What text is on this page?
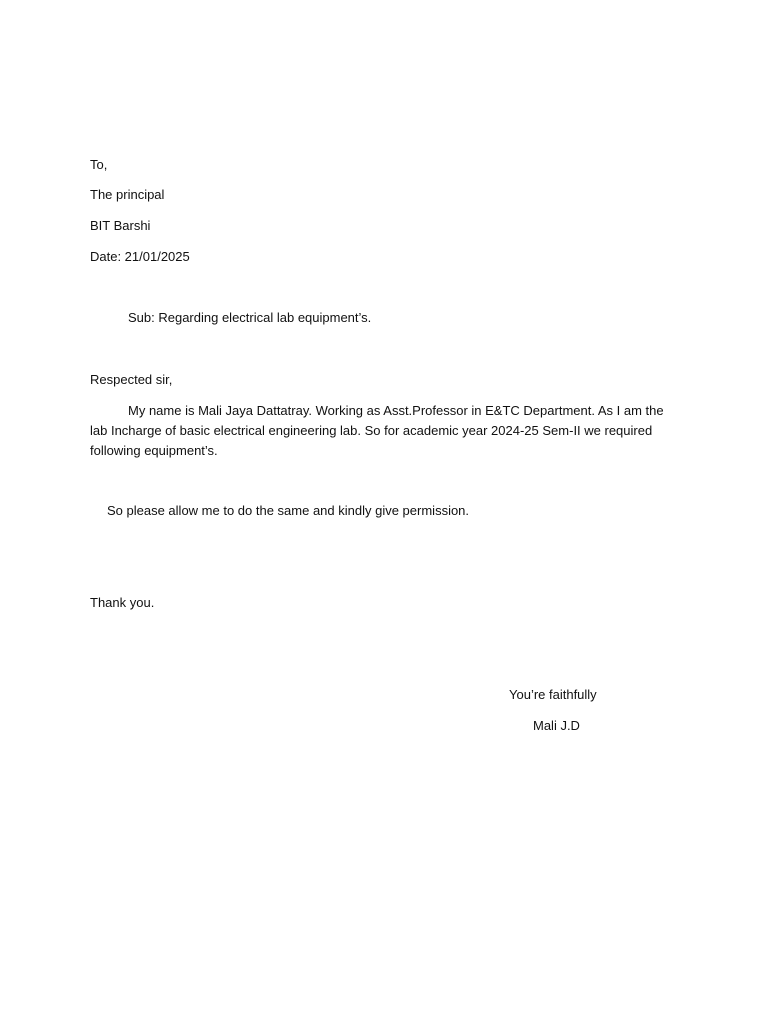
To,
The principal
BIT Barshi
Date: 21/01/2025
Sub: Regarding electrical lab equipment’s.
Respected sir,
My name is Mali Jaya Dattatray. Working as Asst.Professor in E&TC Department. As I am the lab Incharge of basic electrical engineering lab. So for academic year 2024-25 Sem-II we required following equipment’s.
So please allow me to do the same and kindly give permission.
Thank you.
You’re faithfully
Mali J.D
